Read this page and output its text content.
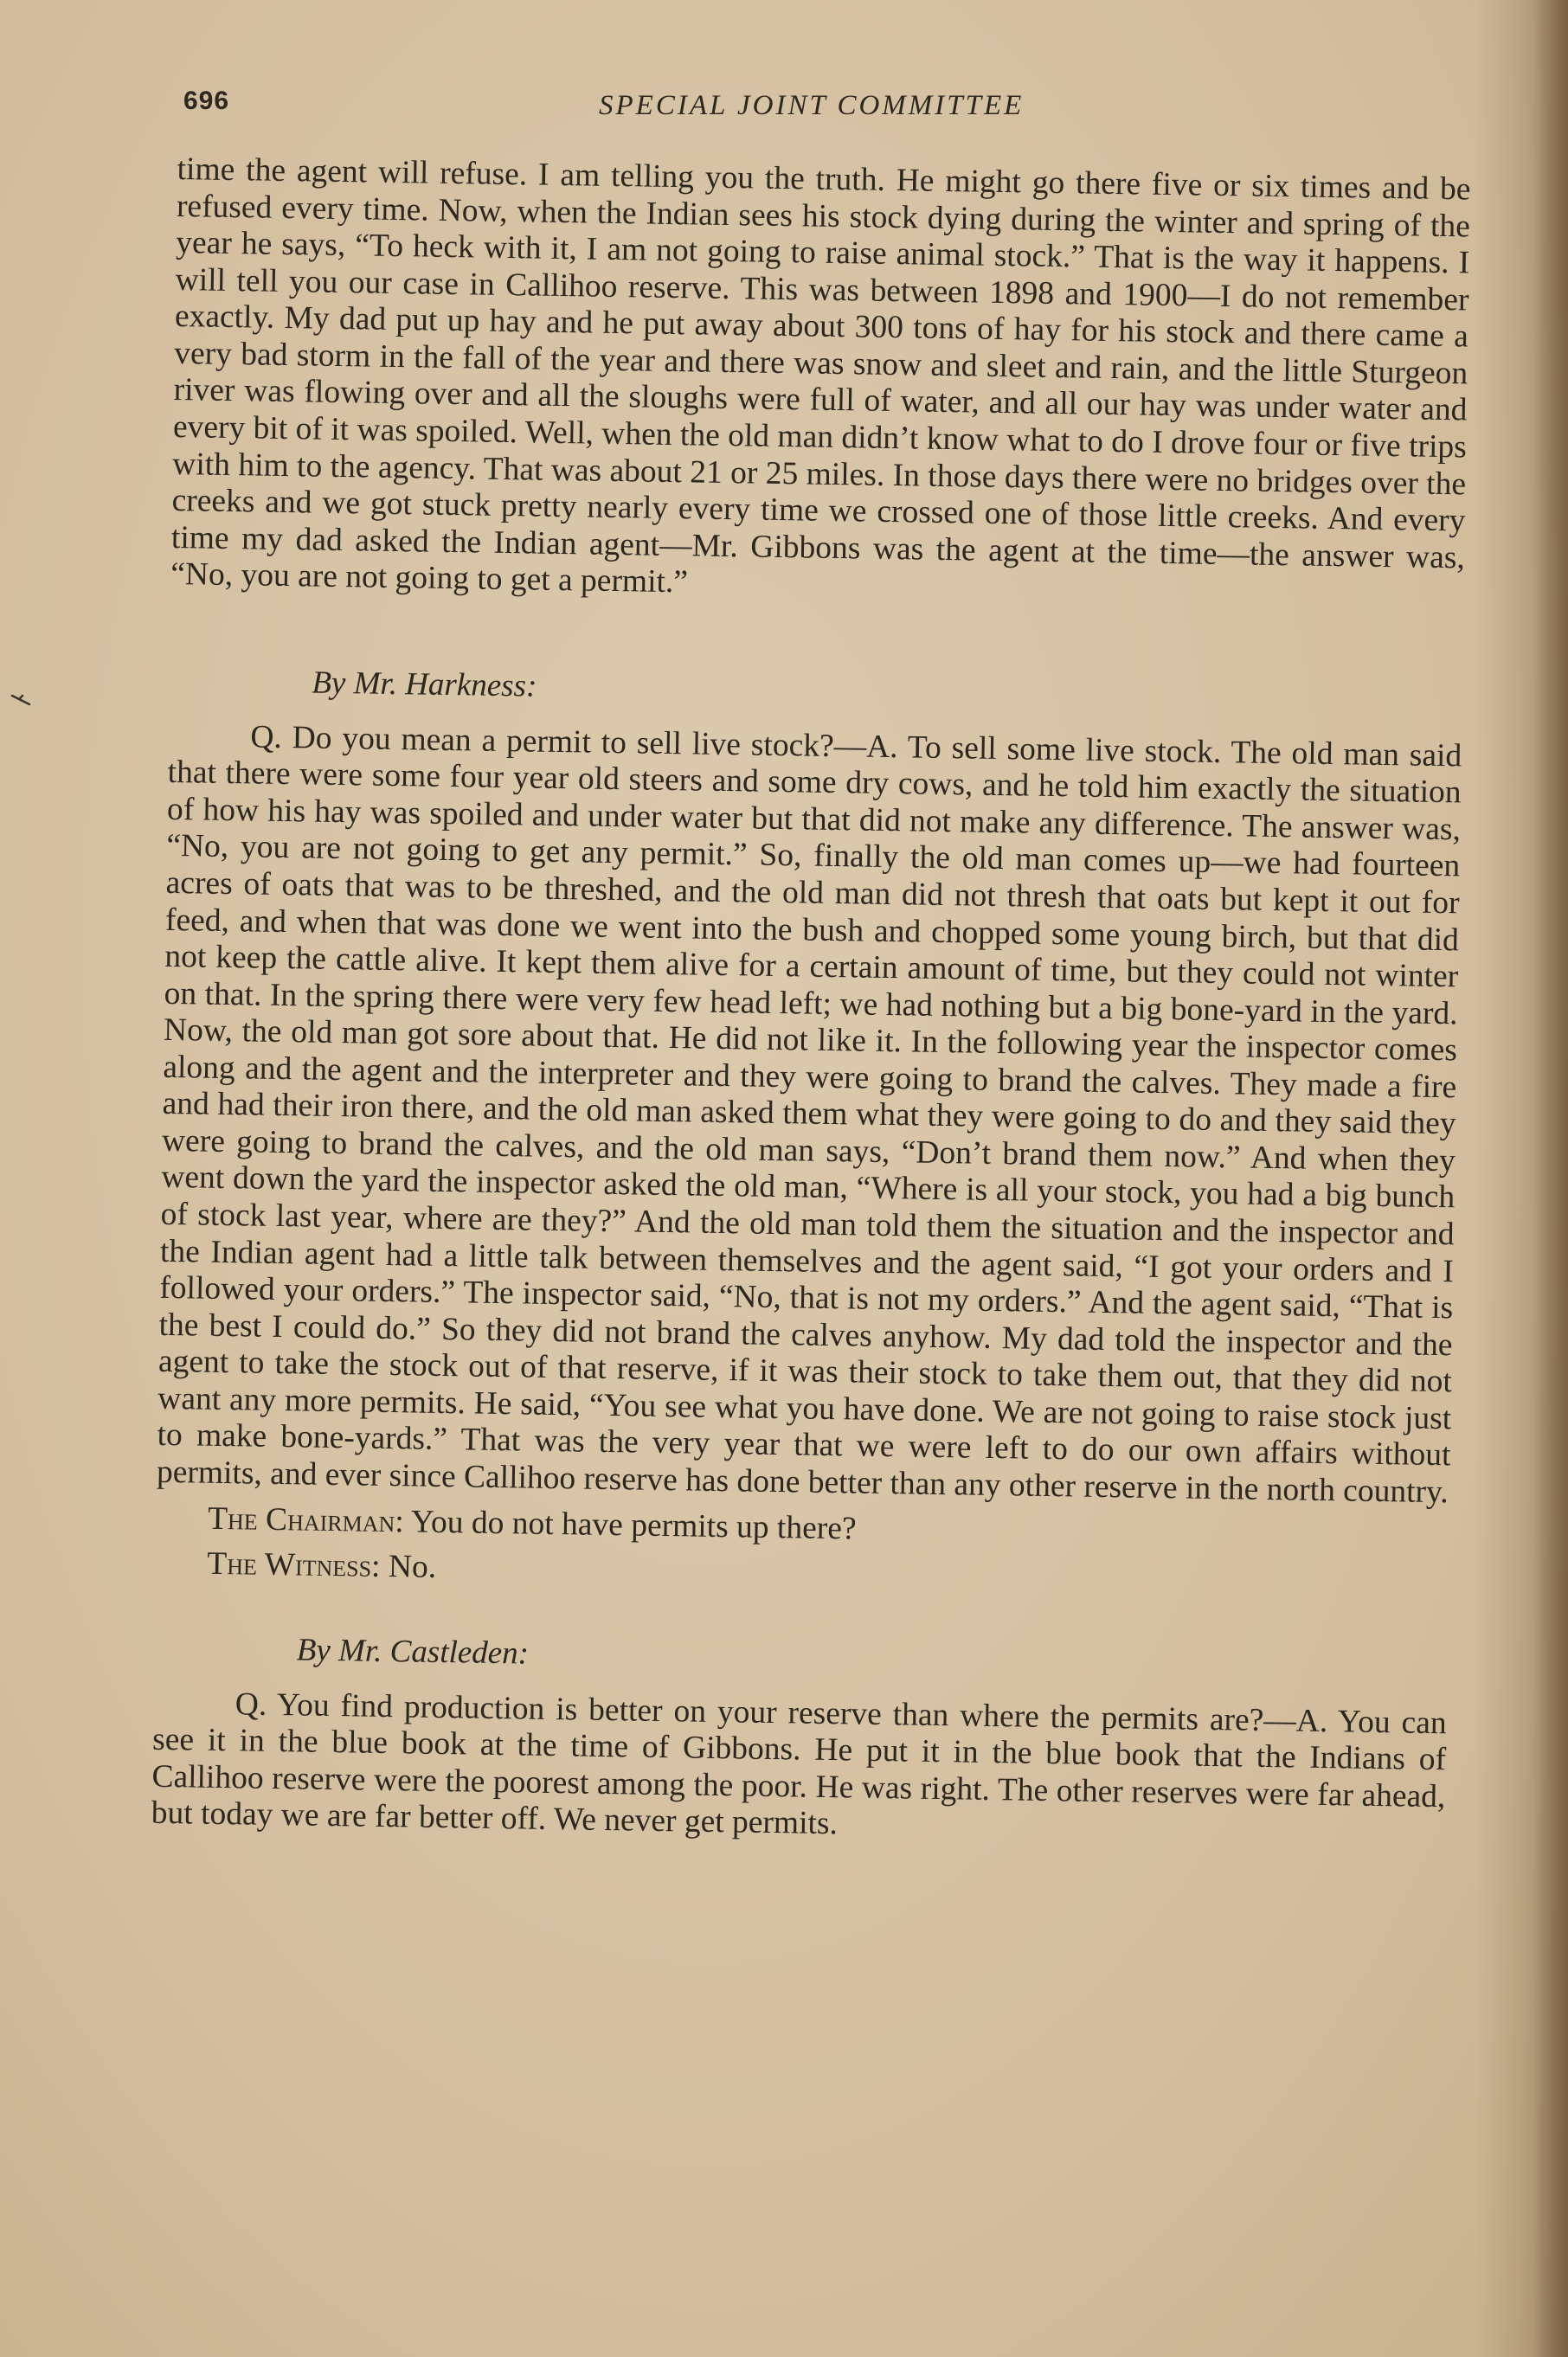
696	SPECIAL JOINT COMMITTEE

time the agent will refuse. I am telling you the truth. He might go there five or six times and be refused every time. Now, when the Indian sees his stock dying during the winter and spring of the year he says, “To heck with it, I am not going to raise animal stock.” That is the way it happens. I will tell you our case in Callihoo reserve. This was between 1898 and 1900—I do not remember exactly. My dad put up hay and he put away about 300 tons of hay for his stock and there came a very bad storm in the fall of the year and there was snow and sleet and rain, and the little Sturgeon river was flowing over and all the sloughs were full of water, and all our hay was under water and every bit of it was spoiled. Well, when the old man didn’t know what to do I drove four or five trips with him to the agency. That was about 21 or 25 miles. In those days there were no bridges over the creeks and we got stuck pretty nearly every time we crossed one of those little creeks. And every time my dad asked the Indian agent—Mr. Gibbons was the agent at the time—the answer was, “No, you are not going to get a permit.”

By Mr. Harkness:

Q. Do you mean a permit to sell live stock?—A. To sell some live stock. The old man said that there were some four year old steers and some dry cows, and he told him exactly the situation of how his hay was spoiled and under water but that did not make any difference. The answer was, “No, you are not going to get any permit.” So, finally the old man comes up—we had fourteen acres of oats that was to be threshed, and the old man did not thresh that oats but kept it out for feed, and when that was done we went into the bush and chopped some young birch, but that did not keep the cattle alive. It kept them alive for a certain amount of time, but they could not winter on that. In the spring there were very few head left; we had nothing but a big bone-yard in the yard. Now, the old man got sore about that. He did not like it. In the following year the inspector comes along and the agent and the interpreter and they were going to brand the calves. They made a fire and had their iron there, and the old man asked them what they were going to do and they said they were going to brand the calves, and the old man says, “Don’t brand them now.” And when they went down the yard the inspector asked the old man, “Where is all your stock, you had a big bunch of stock last year, where are they?” And the old man told them the situation and the inspector and the Indian agent had a little talk between themselves and the agent said, “I got your orders and I followed your orders.” The inspector said, “No, that is not my orders.” And the agent said, “That is the best I could do.” So they did not brand the calves anyhow. My dad told the inspector and the agent to take the stock out of that reserve, if it was their stock to take them out, that they did not want any more permits. He said, “You see what you have done. We are not going to raise stock just to make bone-yards.” That was the very year that we were left to do our own affairs without permits, and ever since Callihoo reserve has done better than any other reserve in the north country.

The Chairman: You do not have permits up there?

The Witness: No.

By Mr. Castleden:

Q. You find production is better on your reserve than where the permits are?—A. You can see it in the blue book at the time of Gibbons. He put it in the blue book that the Indians of Callihoo reserve were the poorest among the poor. He was right. The other reserves were far ahead, but today we are far better off. We never get permits.
